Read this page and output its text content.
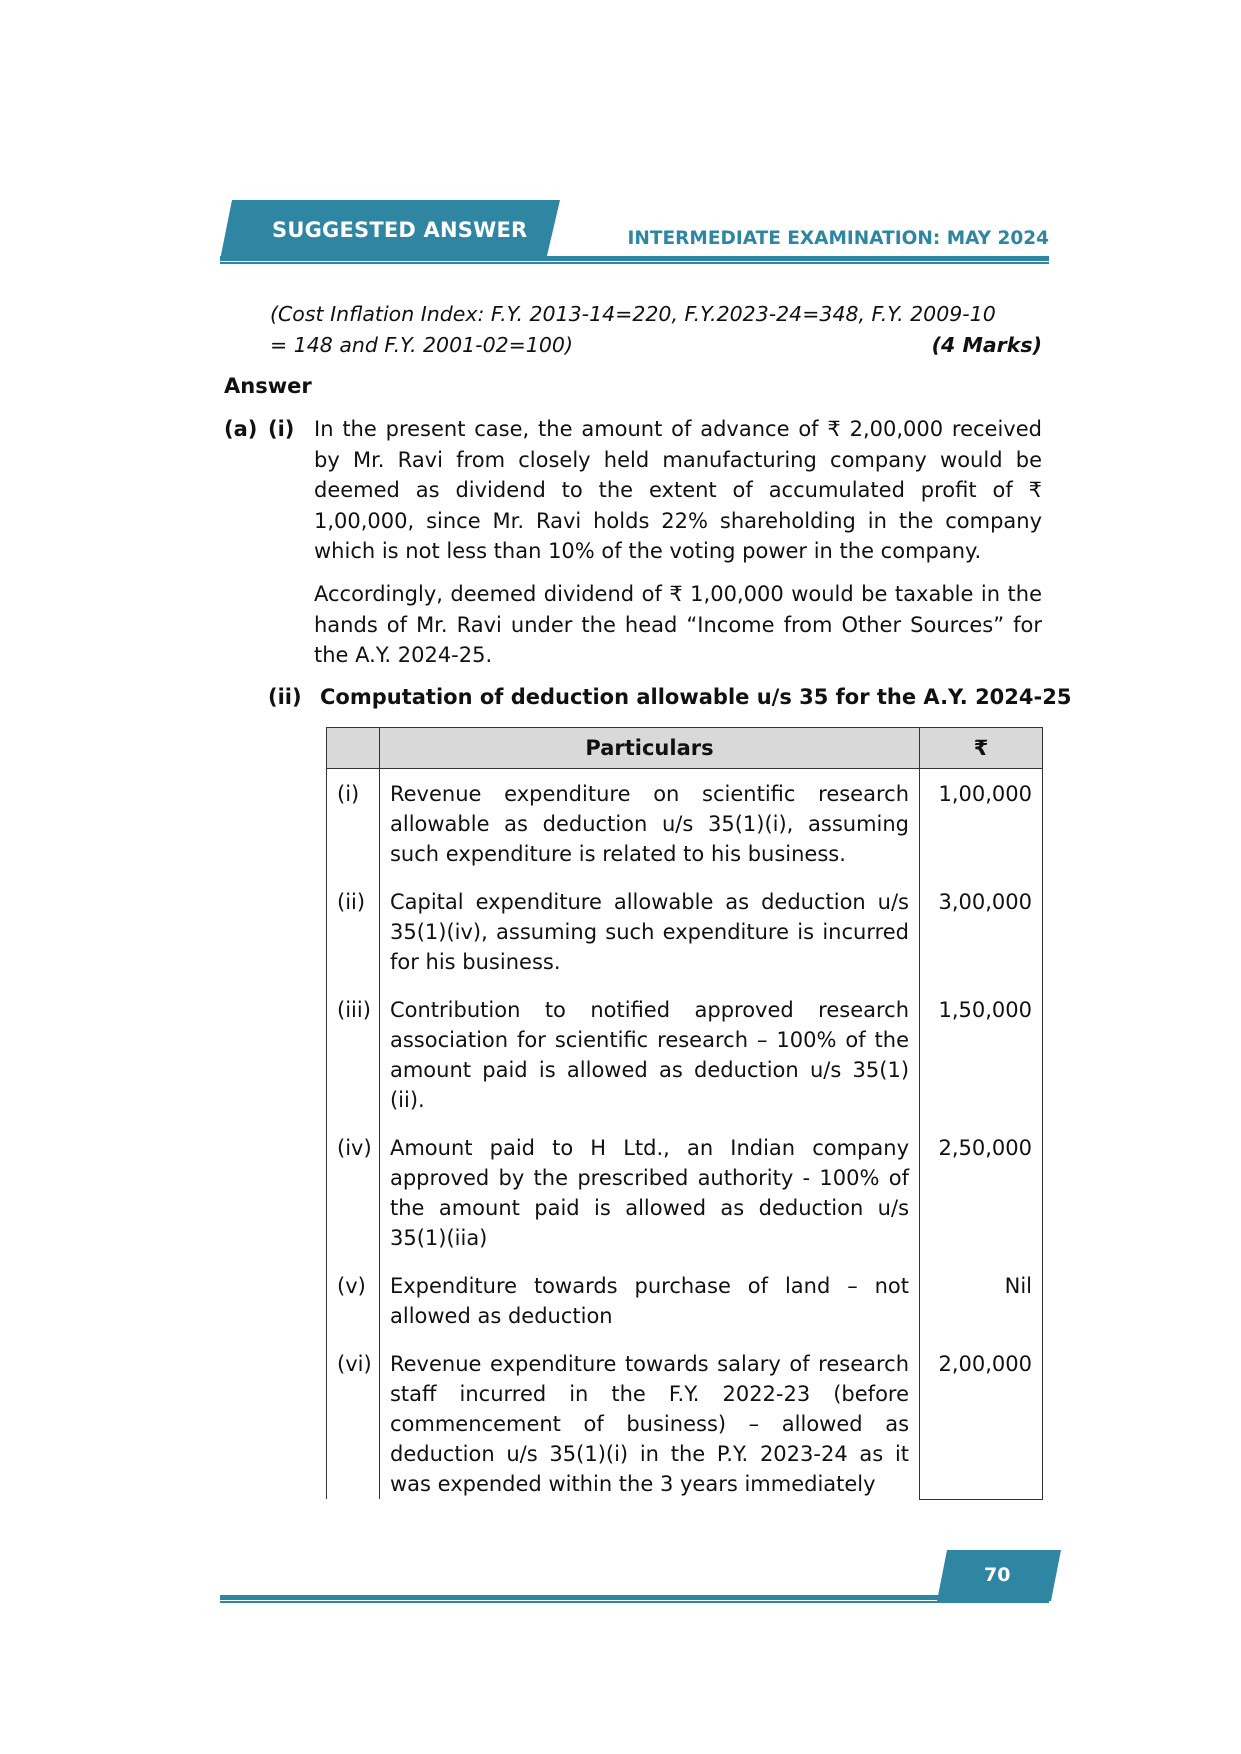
SUGGESTED ANSWER	INTERMEDIATE EXAMINATION: MAY 2024
(Cost Inflation Index: F.Y. 2013-14=220, F.Y.2023-24=348, F.Y. 2009-10
= 148 and F.Y. 2001-02=100)	(4 Marks)
Answer
(a) (i) In the present case, the amount of advance of ₹ 2,00,000 received by Mr. Ravi from closely held manufacturing company would be deemed as dividend to the extent of accumulated profit of ₹ 1,00,000, since Mr. Ravi holds 22% shareholding in the company which is not less than 10% of the voting power in the company.
Accordingly, deemed dividend of ₹ 1,00,000 would be taxable in the hands of Mr. Ravi under the head “Income from Other Sources” for the A.Y. 2024-25.
(ii) Computation of deduction allowable u/s 35 for the A.Y. 2024-25
	Particulars	₹
(i)	Revenue expenditure on scientific research allowable as deduction u/s 35(1)(i), assuming such expenditure is related to his business.	1,00,000
(ii)	Capital expenditure allowable as deduction u/s 35(1)(iv), assuming such expenditure is incurred for his business.	3,00,000
(iii)	Contribution to notified approved research association for scientific research – 100% of the amount paid is allowed as deduction u/s 35(1)(ii).	1,50,000
(iv)	Amount paid to H Ltd., an Indian company approved by the prescribed authority - 100% of the amount paid is allowed as deduction u/s 35(1)(iia)	2,50,000
(v)	Expenditure towards purchase of land – not allowed as deduction	Nil
(vi)	Revenue expenditure towards salary of research staff incurred in the F.Y. 2022-23 (before commencement of business) – allowed as deduction u/s 35(1)(i) in the P.Y. 2023-24 as it was expended within the 3 years immediately	2,00,000
70
